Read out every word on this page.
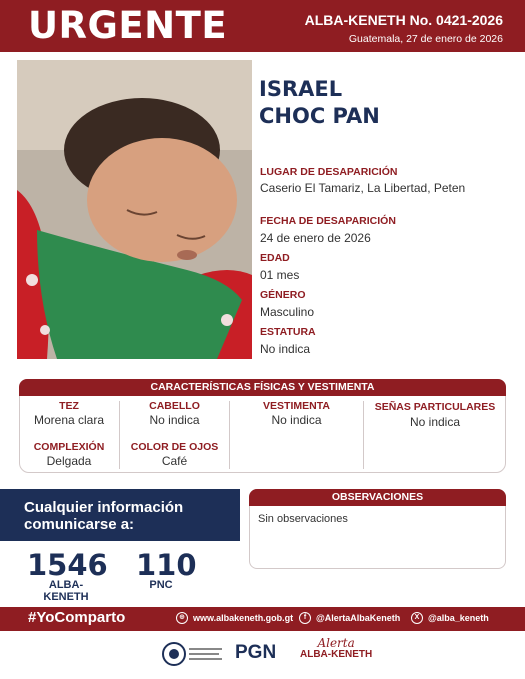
URGENTE	ALBA-KENETH No. 0421-2026
Guatemala, 27 de enero de 2026
ISRAEL
CHOC PAN
LUGAR DE DESAPARICIÓN
Caserio El Tamariz, La Libertad, Peten
FECHA DE DESAPARICIÓN
24 de enero de 2026
EDAD
01 mes
GÉNERO
Masculino
ESTATURA
No indica
CARACTERÍSTICAS FÍSICAS Y VESTIMENTA
TEZ
Morena clara
CABELLO
No indica
VESTIMENTA
No indica
SEÑAS PARTICULARES
No indica
COMPLEXIÓN
Delgada
COLOR DE OJOS
Café
Cualquier información
comunicarse a:
1546
ALBA-KENETH
110
PNC
OBSERVACIONES
Sin observaciones
#YoComparto	⊕ www.albakeneth.gob.gt	f	@AlertaAlbaKeneth	X @alba_keneth
PGN	Alerta
ALBA-KENETH
